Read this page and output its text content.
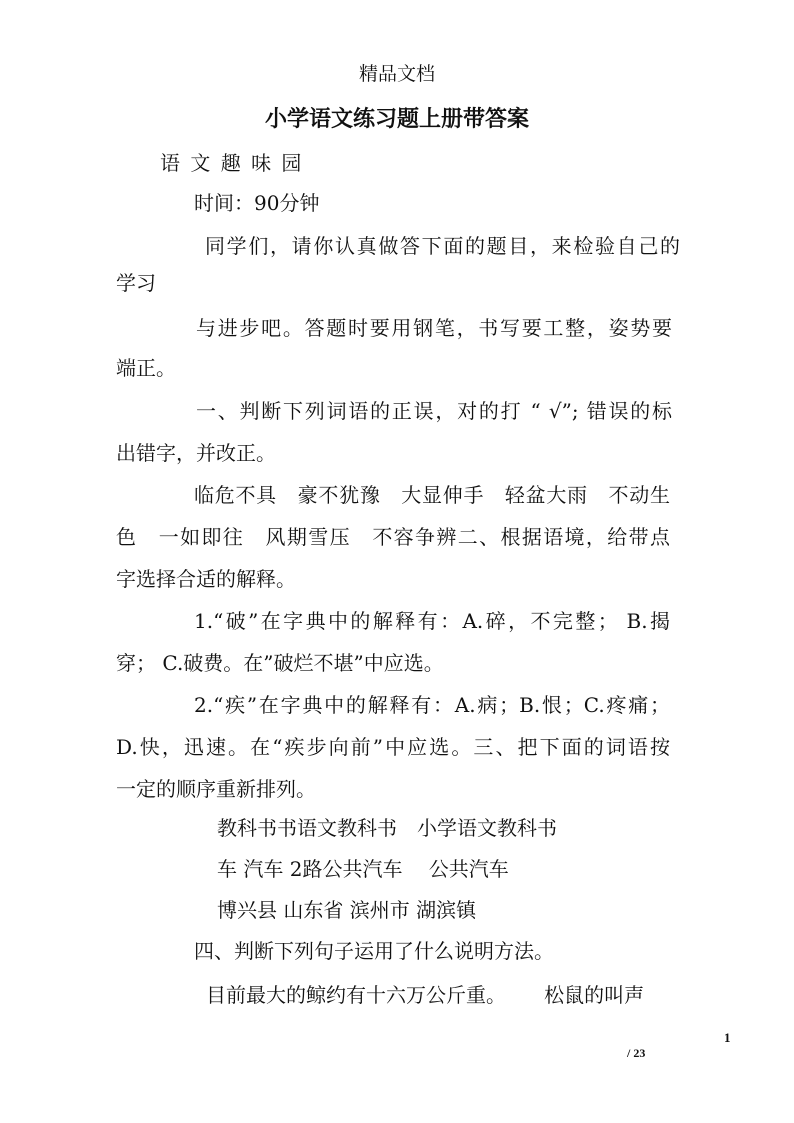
精品文档
小学语文练习题上册带答案
语 文 趣 味 园
时间：90分钟
同学们，请你认真做答下面的题目，来检验自己的
学习
与进步吧。答题时要用钢笔，书写要工整，姿势要
端正。
一、判断下列词语的正误，对的打 “ √”; 错误的标
出错字，并改正。
临危不具　豪不犹豫　大显伸手　轻盆大雨　不动生
色　一如即往　风期雪压　不容争辨二、根据语境，给带点
字选择合适的解释。
1.“破”在字典中的解释有：A.碎，不完整； B.揭
穿； C.破费。在”破烂不堪”中应选。
2.“疾”在字典中的解释有：A.病；B.恨；C.疼痛；
D.快，迅速。在“疾步向前”中应选。三、把下面的词语按
一定的顺序重新排列。
教科书书语文教科书　小学语文教科书
车 汽车 2路公共汽车　 公共汽车
博兴县 山东省 滨州市 湖滨镇
四、判断下列句子运用了什么说明方法。
目前最大的鲸约有十六万公斤重。      松鼠的叫声
1
/ 23
